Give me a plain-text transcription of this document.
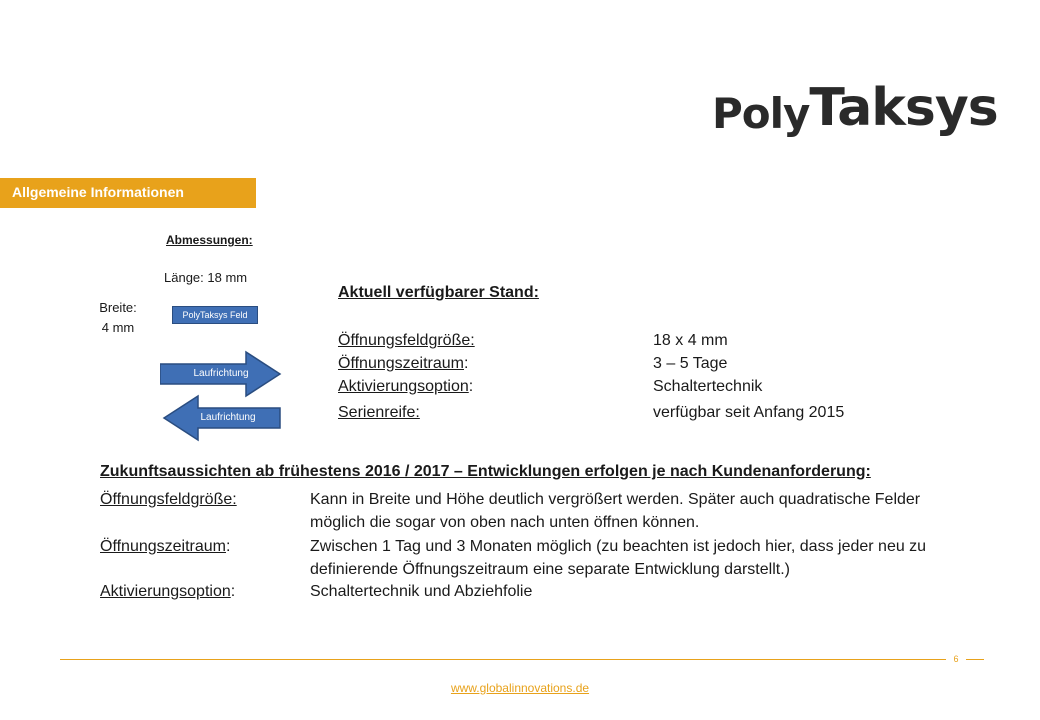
PolyTaksys
Allgemeine Informationen
Abmessungen:
Länge: 18 mm
Breite:
4 mm
PolyTaksys Feld
Laufrichtung
Laufrichtung
Aktuell verfügbarer Stand:
Öffnungsfeldgröße:	18 x 4 mm
Öffnungszeitraum:	3 – 5 Tage
Aktivierungsoption:	Schaltertechnik
Serienreife:	verfügbar seit Anfang 2015
Zukunftsaussichten ab frühestens 2016 / 2017 – Entwicklungen erfolgen je nach Kundenanforderung:
Öffnungsfeldgröße:	Kann in Breite und Höhe deutlich vergrößert werden. Später auch quadratische Felder möglich die sogar von oben nach unten öffnen können.
Öffnungszeitraum:	Zwischen 1 Tag und 3 Monaten möglich (zu beachten ist jedoch hier, dass jeder neu zu definierende Öffnungszeitraum eine separate Entwicklung darstellt.)
Aktivierungsoption:	Schaltertechnik und Abziehfolie
6
www.globalinnovations.de
